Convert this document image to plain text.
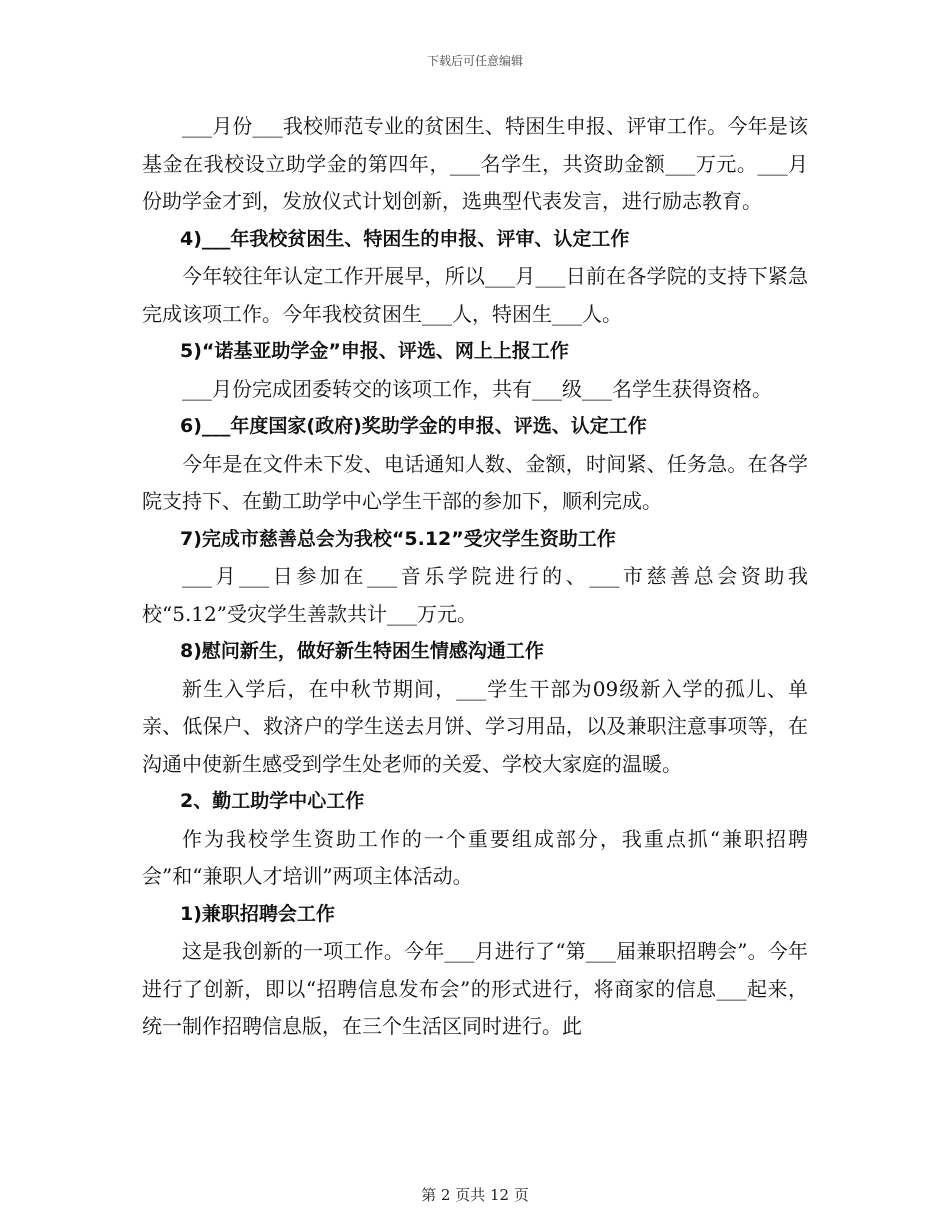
下载后可任意编辑
___月份___我校师范专业的贫困生、特困生申报、评审工作。今年是该基金在我校设立助学金的第四年，___名学生，共资助金额___万元。___月份助学金才到，发放仪式计划创新，选典型代表发言，进行励志教育。
4)___年我校贫困生、特困生的申报、评审、认定工作
今年较往年认定工作开展早，所以___月___日前在各学院的支持下紧急完成该项工作。今年我校贫困生___人，特困生___人。
5)“诺基亚助学金”申报、评选、网上上报工作
___月份完成团委转交的该项工作，共有___级___名学生获得资格。
6)___年度国家(政府)奖助学金的申报、评选、认定工作
今年是在文件未下发、电话通知人数、金额，时间紧、任务急。在各学院支持下、在勤工助学中心学生干部的参加下，顺利完成。
7)完成市慈善总会为我校“5.12”受灾学生资助工作
___月___日参加在___音乐学院进行的、___市慈善总会资助我校“5.12”受灾学生善款共计___万元。
8)慰问新生，做好新生特困生情感沟通工作
新生入学后，在中秋节期间，___学生干部为09级新入学的孤儿、单亲、低保户、救济户的学生送去月饼、学习用品，以及兼职注意事项等，在沟通中使新生感受到学生处老师的关爱、学校大家庭的温暖。
2、勤工助学中心工作
作为我校学生资助工作的一个重要组成部分，我重点抓“兼职招聘会”和“兼职人才培训”两项主体活动。
1)兼职招聘会工作
这是我创新的一项工作。今年___月进行了“第___届兼职招聘会”。今年进行了创新，即以“招聘信息发布会”的形式进行，将商家的信息___起来，统一制作招聘信息版，在三个生活区同时进行。此
第 2 页共 12 页
